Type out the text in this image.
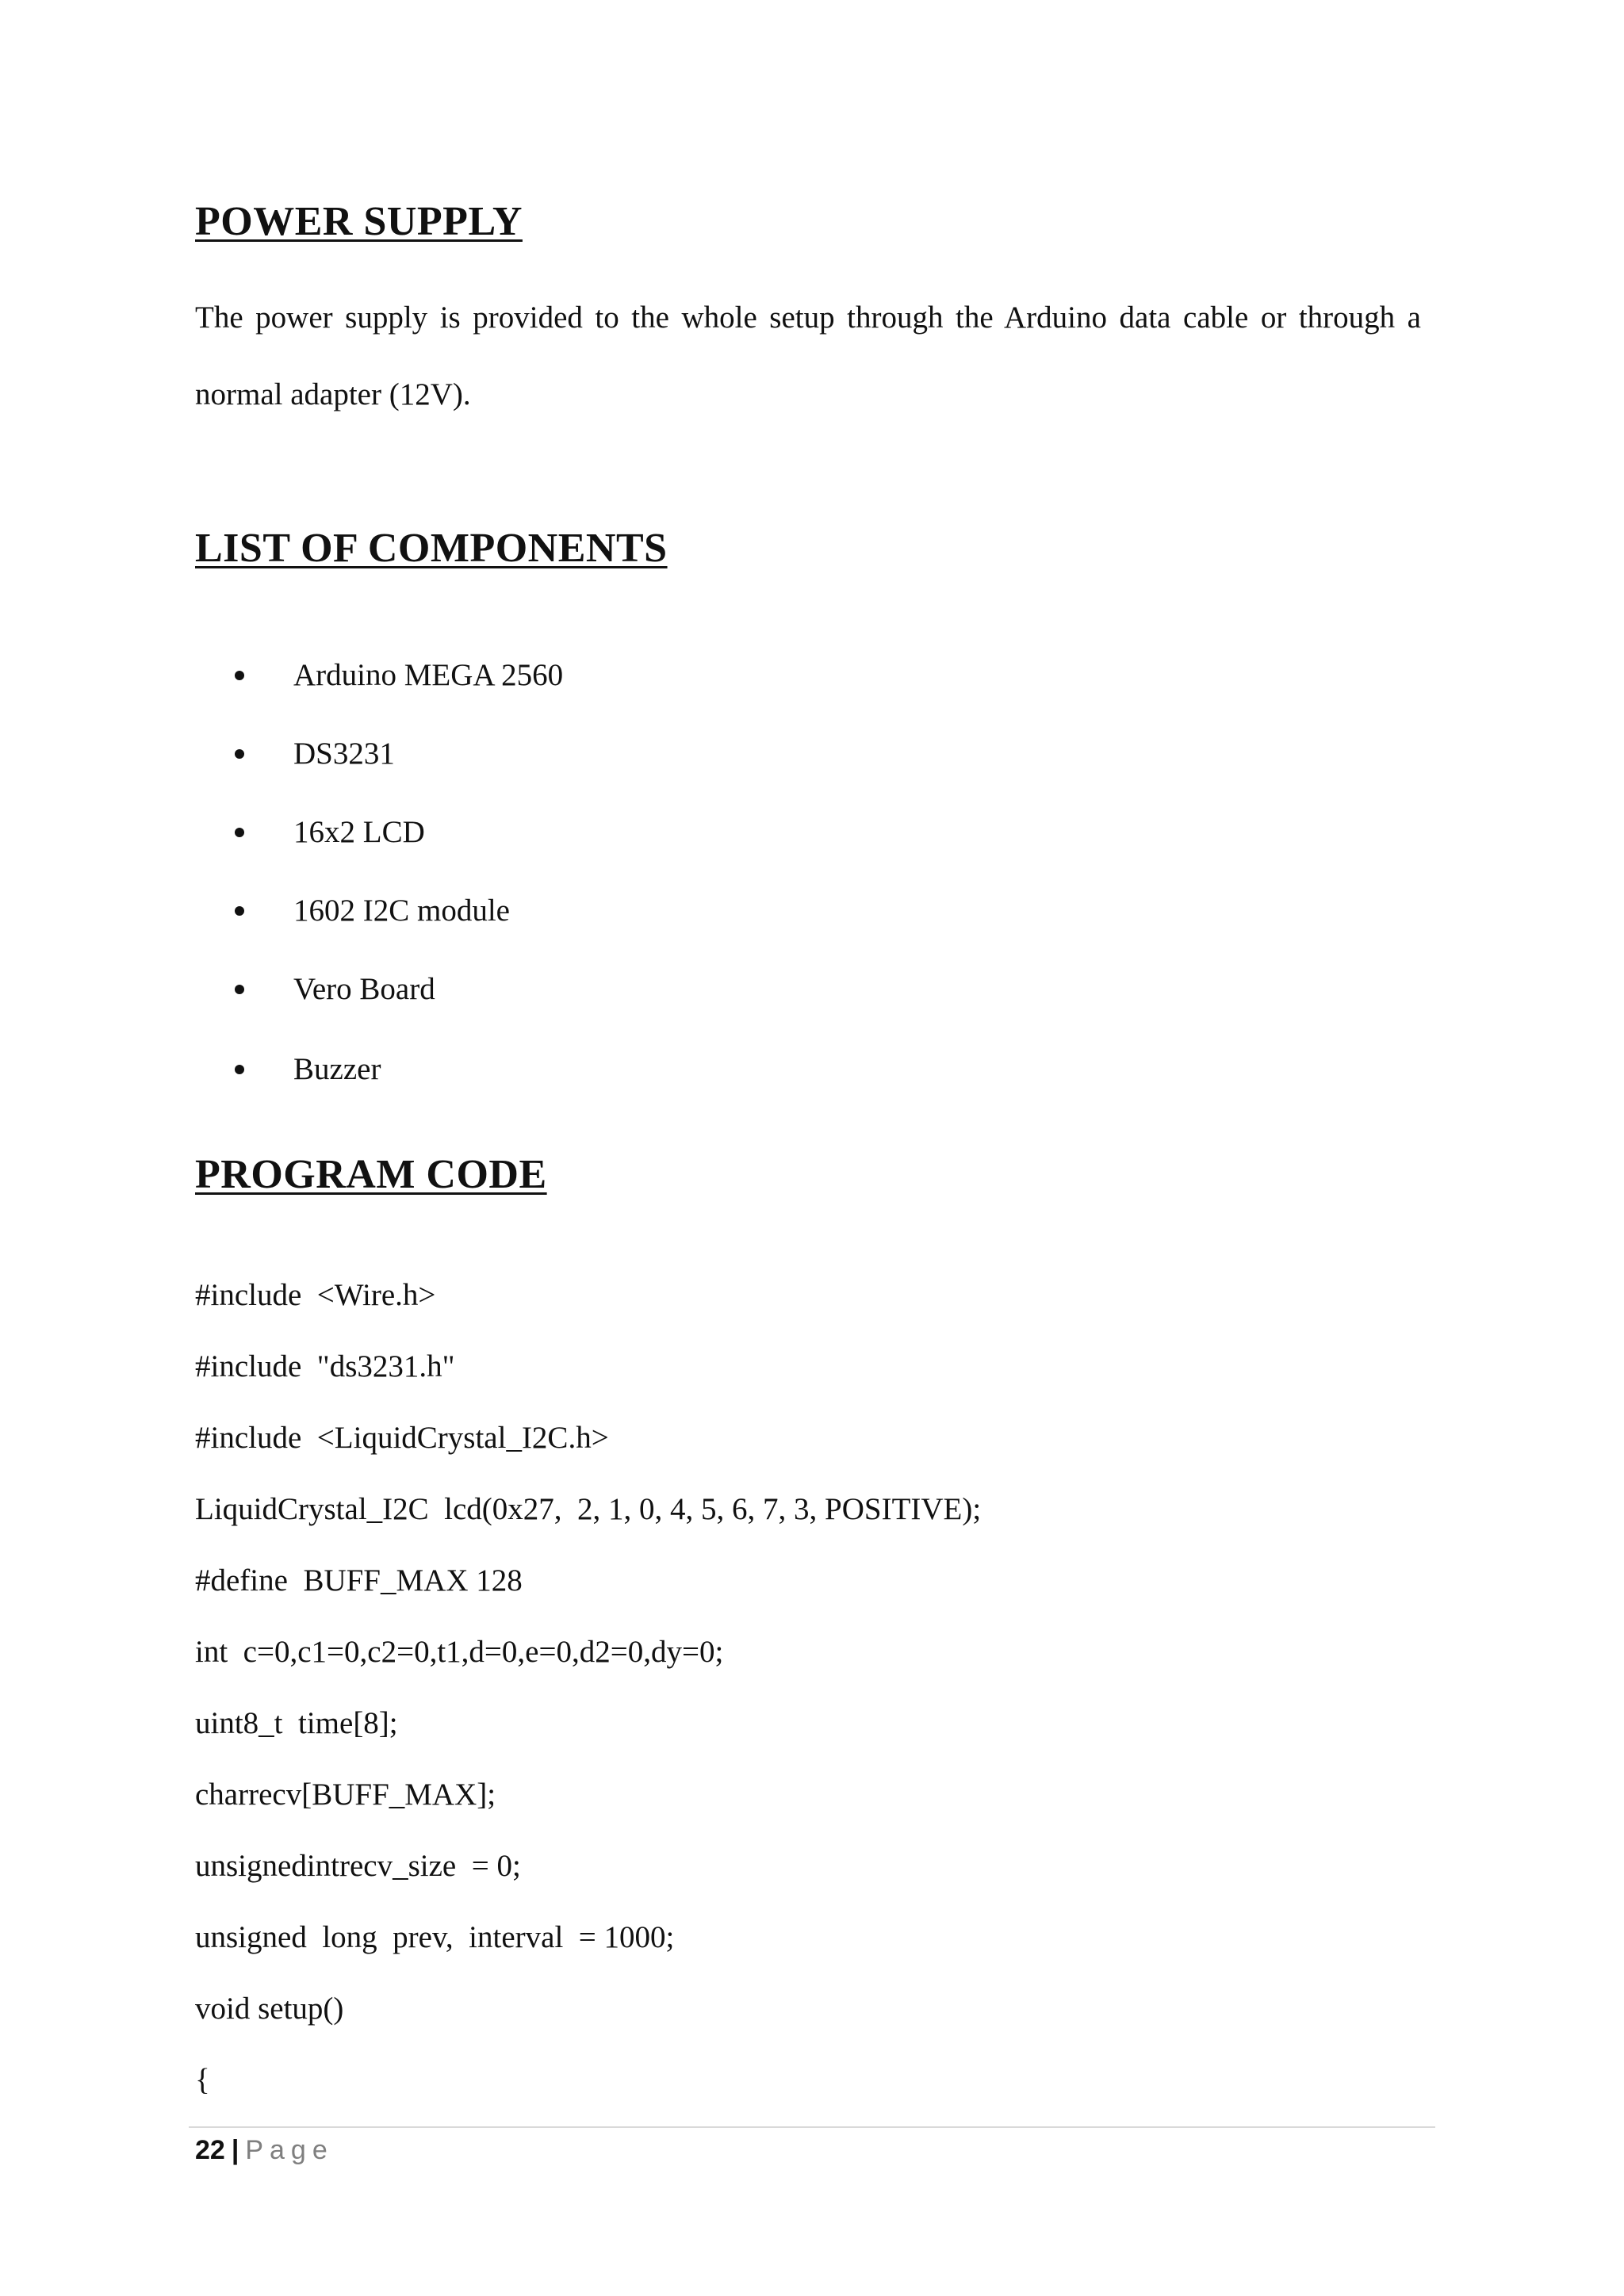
POWER SUPPLY
The power supply is provided to the whole setup through the Arduino data cable or through a
normal adapter (12V).
LIST OF COMPONENTS
Arduino MEGA 2560
DS3231
16x2 LCD
1602 I2C module
Vero Board
Buzzer
PROGRAM CODE
#include  <Wire.h>
#include  "ds3231.h"
#include  <LiquidCrystal_I2C.h>
LiquidCrystal_I2C  lcd(0x27,  2, 1, 0, 4, 5, 6, 7, 3, POSITIVE);
#define  BUFF_MAX 128
int  c=0,c1=0,c2=0,t1,d=0,e=0,d2=0,dy=0;
uint8_t  time[8];
charrecv[BUFF_MAX];
unsignedintrecv_size  = 0;
unsigned  long  prev,  interval  = 1000;
void setup()
{
22 | Page
